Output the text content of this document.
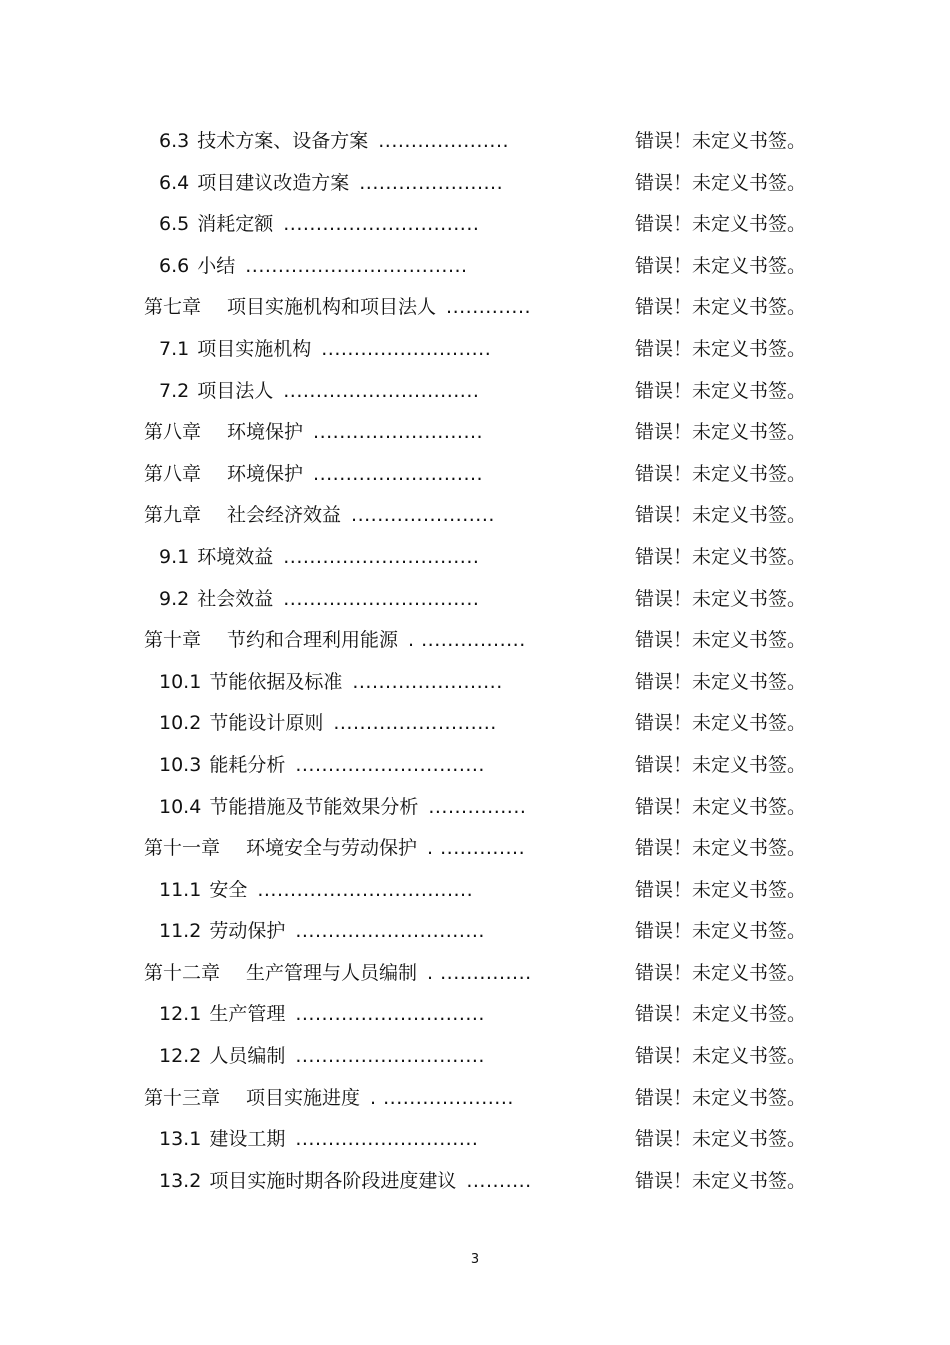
6.3 技术方案、设备方案 ....................	错误！未定义书签。
6.4 项目建议改造方案 ......................	错误！未定义书签。
6.5 消耗定额 ..............................	错误！未定义书签。
6.6 小结 ..................................	错误！未定义书签。
第七章 项目实施机构和项目法人 .............	错误！未定义书签。
7.1 项目实施机构 ..........................	错误！未定义书签。
7.2 项目法人 ..............................	错误！未定义书签。
第八章 环境保护 ..........................	错误！未定义书签。
第八章 环境保护 ..........................	错误！未定义书签。
第九章 社会经济效益 ......................	错误！未定义书签。
9.1 环境效益 ..............................	错误！未定义书签。
9.2 社会效益 ..............................	错误！未定义书签。
第十章 节约和合理利用能源 . ................	错误！未定义书签。
10.1 节能依据及标准 .......................	错误！未定义书签。
10.2 节能设计原则 .........................	错误！未定义书签。
10.3 能耗分析 .............................	错误！未定义书签。
10.4 节能措施及节能效果分析 ...............	错误！未定义书签。
第十一章 环境安全与劳动保护 . .............	错误！未定义书签。
11.1 安全 .................................	错误！未定义书签。
11.2 劳动保护 .............................	错误！未定义书签。
第十二章 生产管理与人员编制 . ..............	错误！未定义书签。
12.1 生产管理 .............................	错误！未定义书签。
12.2 人员编制 .............................	错误！未定义书签。
第十三章 项目实施进度 . ....................	错误！未定义书签。
13.1 建设工期 ............................	错误！未定义书签。
13.2 项目实施时期各阶段进度建议 ..........	错误！未定义书签。
3
